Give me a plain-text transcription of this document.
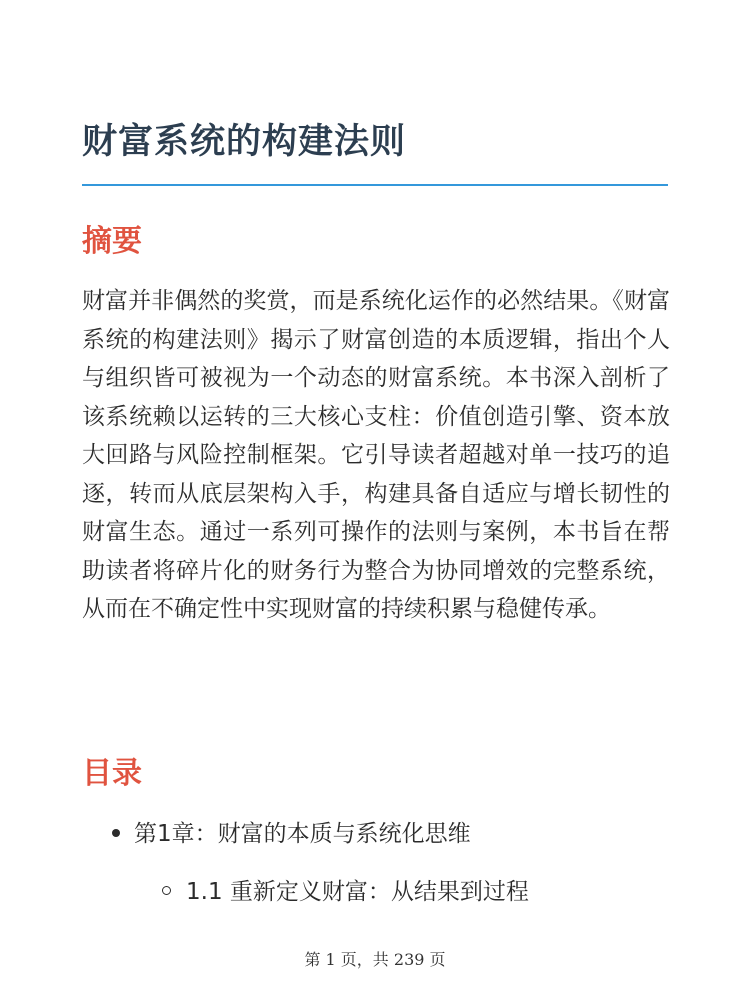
财富系统的构建法则
摘要

财富并非偶然的奖赏，而是系统化运作的必然结果。《财富系统的构建法则》揭示了财富创造的本质逻辑，指出个人与组织皆可被视为一个动态的财富系统。本书深入剖析了该系统赖以运转的三大核心支柱：价值创造引擎、资本放大回路与风险控制框架。它引导读者超越对单一技巧的追逐，转而从底层架构入手，构建具备自适应与增长韧性的财富生态。通过一系列可操作的法则与案例，本书旨在帮助读者将碎片化的财务行为整合为协同增效的完整系统，从而在不确定性中实现财富的持续积累与稳健传承。

目录
第1章：财富的本质与系统化思维
1.1 重新定义财富：从结果到过程
第 1 页，共 239 页
